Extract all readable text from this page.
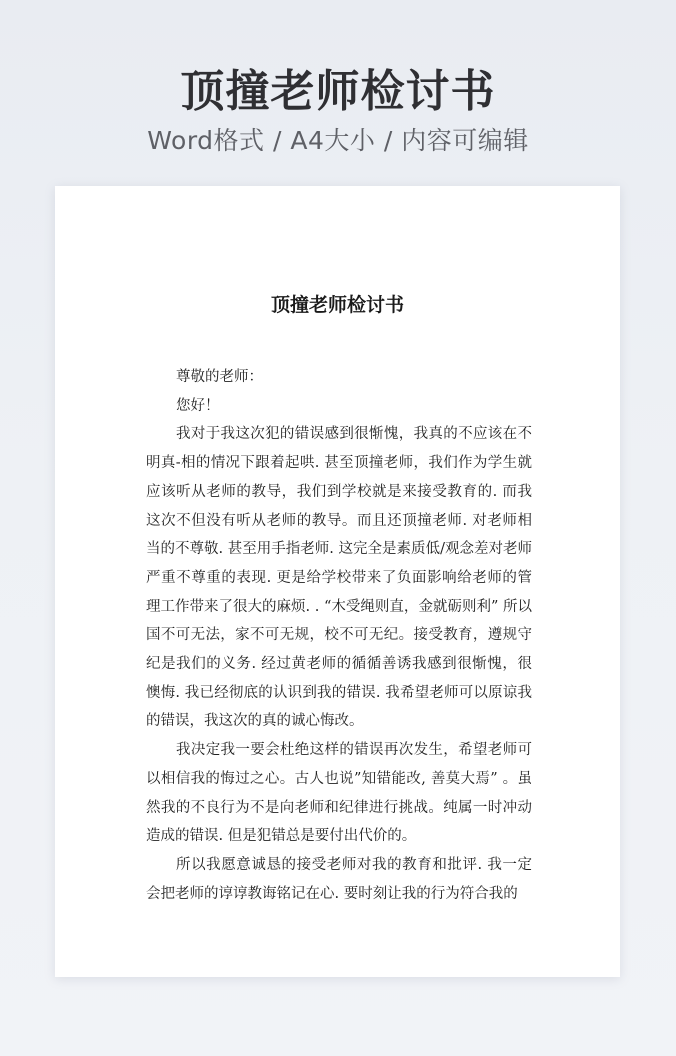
顶撞老师检讨书
Word格式 / A4大小 / 内容可编辑
顶撞老师检讨书

尊敬的老师：

您好！

我对于我这次犯的错误感到很惭愧，我真的不应该在不明真-相的情况下跟着起哄. 甚至顶撞老师，我们作为学生就应该听从老师的教导，我们到学校就是来接受教育的. 而我这次不但没有听从老师的教导。而且还顶撞老师. 对老师相当的不尊敬. 甚至用手指老师. 这完全是素质低/观念差对老师严重不尊重的表现. 更是给学校带来了负面影响给老师的管理工作带来了很大的麻烦. . “木受绳则直，金就砺则利” 所以国不可无法，家不可无规，校不可无纪。接受教育，遵规守纪是我们的义务. 经过黄老师的循循善诱我感到很惭愧，很懊悔. 我已经彻底的认识到我的错误. 我希望老师可以原谅我的错误，我这次的真的诚心悔改。

我决定我一要会杜绝这样的错误再次发生，希望老师可以相信我的悔过之心。古人也说”知错能改, 善莫大焉” 。虽然我的不良行为不是向老师和纪律进行挑战。纯属一时冲动造成的错误. 但是犯错总是要付出代价的。

所以我愿意诚恳的接受老师对我的教育和批评. 我一定会把老师的谆谆教诲铭记在心. 要时刻让我的行为符合我的
